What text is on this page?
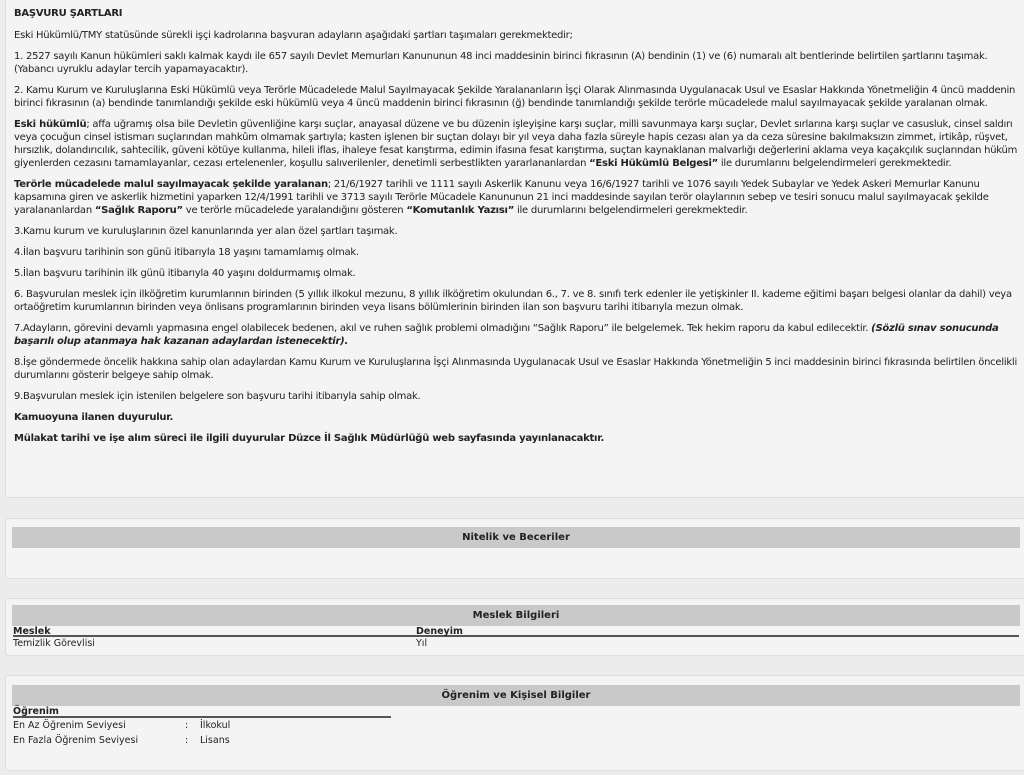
BAŞVURU ŞARTLARI

Eski Hükümlü/TMY statüsünde sürekli işçi kadrolarına başvuran adayların aşağıdaki şartları taşımaları gerekmektedir;

1. 2527 sayılı Kanun hükümleri saklı kalmak kaydı ile 657 sayılı Devlet Memurları Kanununun 48 inci maddesinin birinci fıkrasının (A) bendinin (1) ve (6) numaralı alt bentlerinde belirtilen şartlarını taşımak. (Yabancı uyruklu adaylar tercih yapamayacaktır).

2. Kamu Kurum ve Kuruluşlarına Eski Hükümlü veya Terörle Mücadelede Malul Sayılmayacak Şekilde Yaralananların İşçi Olarak Alınmasında Uygulanacak Usul ve Esaslar Hakkında Yönetmeliğin 4 üncü maddenin birinci fıkrasının (a) bendinde tanımlandığı şekilde eski hükümlü veya 4 üncü maddenin birinci fıkrasının (ğ) bendinde tanımlandığı şekilde terörle mücadelede malul sayılmayacak şekilde yaralanan olmak.

Eski hükümlü; affa uğramış olsa bile Devletin güvenliğine karşı suçlar, anayasal düzene ve bu düzenin işleyişine karşı suçlar, milli savunmaya karşı suçlar, Devlet sırlarına karşı suçlar ve casusluk, cinsel saldırı veya çocuğun cinsel istismarı suçlarından mahkûm olmamak şartıyla; kasten işlenen bir suçtan dolayı bir yıl veya daha fazla süreyle hapis cezası alan ya da ceza süresine bakılmaksızın zimmet, irtikâp, rüşvet, hırsızlık, dolandırıcılık, sahtecilik, güveni kötüye kullanma, hileli iflas, ihaleye fesat karıştırma, edimin ifasına fesat karıştırma, suçtan kaynaklanan malvarlığı değerlerini aklama veya kaçakçılık suçlarından hüküm giyenlerden cezasını tamamlayanlar, cezası ertelenenler, koşullu salıverilenler, denetimli serbestlikten yararlananlardan “Eski Hükümlü Belgesi” ile durumlarını belgelendirmeleri gerekmektedir.

Terörle mücadelede malul sayılmayacak şekilde yaralanan; 21/6/1927 tarihli ve 1111 sayılı Askerlik Kanunu veya 16/6/1927 tarihli ve 1076 sayılı Yedek Subaylar ve Yedek Askeri Memurlar Kanunu kapsamına giren ve askerlik hizmetini yaparken 12/4/1991 tarihli ve 3713 sayılı Terörle Mücadele Kanununun 21 inci maddesinde sayılan terör olaylarının sebep ve tesiri sonucu malul sayılmayacak şekilde yaralananlardan “Sağlık Raporu” ve terörle mücadelede yaralandığını gösteren “Komutanlık Yazısı” ile durumlarını belgelendirmeleri gerekmektedir.

3.Kamu kurum ve kuruluşlarının özel kanunlarında yer alan özel şartları taşımak.

4.İlan başvuru tarihinin son günü itibarıyla 18 yaşını tamamlamış olmak.

5.İlan başvuru tarihinin ilk günü itibarıyla 40 yaşını doldurmamış olmak.

6. Başvurulan meslek için ilköğretim kurumlarının birinden (5 yıllık ilkokul mezunu, 8 yıllık ilköğretim okulundan 6., 7. ve 8. sınıfı terk edenler ile yetişkinler II. kademe eğitimi başarı belgesi olanlar da dahil) veya ortaöğretim kurumlarının birinden veya önlisans programlarının birinden veya lisans bölümlerinin birinden ilan son başvuru tarihi itibarıyla mezun olmak.

7.Adayların, görevini devamlı yapmasına engel olabilecek bedenen, akıl ve ruhen sağlık problemi olmadığını “Sağlık Raporu” ile belgelemek. Tek hekim raporu da kabul edilecektir. (Sözlü sınav sonucunda başarılı olup atanmaya hak kazanan adaylardan istenecektir).

8.İşe göndermede öncelik hakkına sahip olan adaylardan Kamu Kurum ve Kuruluşlarına İşçi Alınmasında Uygulanacak Usul ve Esaslar Hakkında Yönetmeliğin 5 inci maddesinin birinci fıkrasında belirtilen öncelikli durumlarını gösterir belgeye sahip olmak.

9.Başvurulan meslek için istenilen belgelere son başvuru tarihi itibarıyla sahip olmak.

Kamuoyuna ilanen duyurulur.

Mülakat tarihi ve işe alım süreci ile ilgili duyurular Düzce İl Sağlık Müdürlüğü web sayfasında yayınlanacaktır.

Nitelik ve Beceriler
Meslek Bilgileri
Meslek	Deneyim
Temizlik Görevlisi	Yıl
Öğrenim ve Kişisel Bilgiler
Öğrenim
En Az Öğrenim Seviyesi	:	İlkokul
En Fazla Öğrenim Seviyesi	:	Lisans
